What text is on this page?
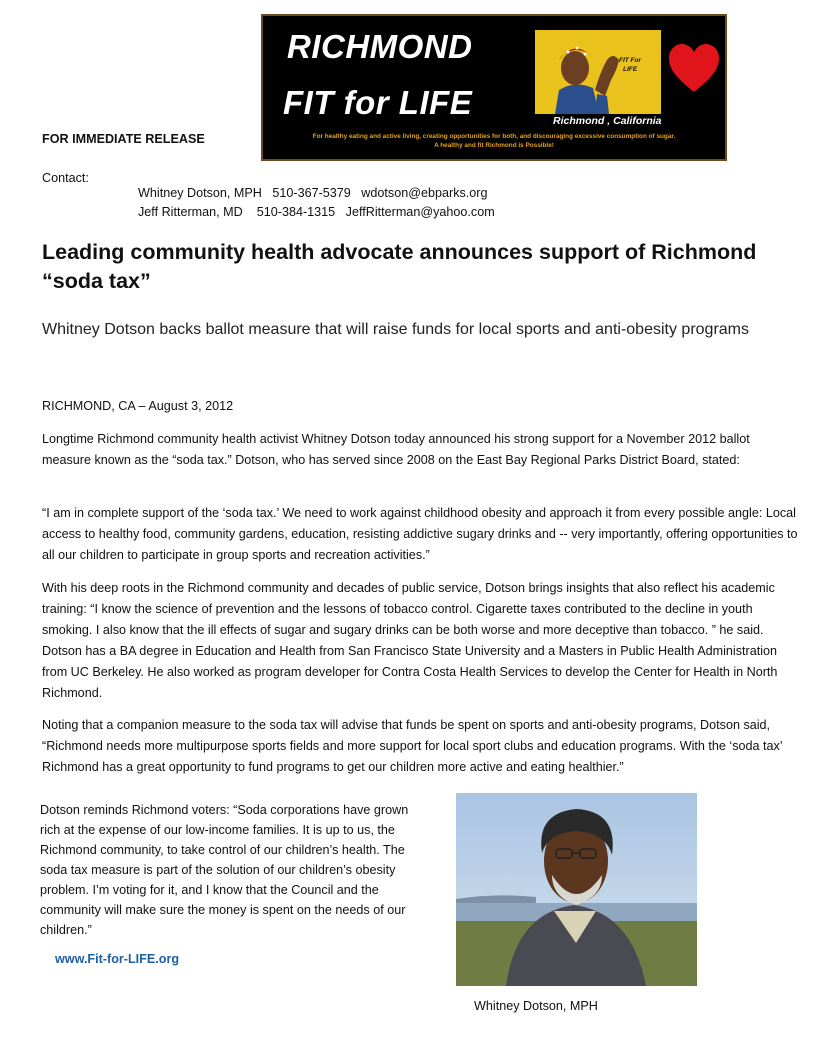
RICHMOND
FIT for LIFE
FIT For
LIFE
Richmond , California
For healthy eating and active living, creating opportunities for both, and discouraging excessive consumption of sugar.
A healthy and fit Richmond is Possible!
FOR IMMEDIATE RELEASE
Contact:
Whitney Dotson, MPH   510-367-5379   wdotson@ebparks.org
Jeff Ritterman, MD    510-384-1315   JeffRitterman@yahoo.com
Leading community health advocate announces support of Richmond “soda tax”
Whitney Dotson backs ballot measure that will raise funds for local sports and anti-obesity programs
RICHMOND, CA – August 3, 2012
Longtime Richmond community health activist Whitney Dotson today announced his strong support for a November 2012 ballot measure known as the “soda tax.” Dotson, who has served since 2008 on the East Bay Regional Parks District Board, stated:
“I am in complete support of the ‘soda tax.’ We need to work against childhood obesity and approach it from every possible angle: Local access to healthy food, community gardens, education, resisting addictive sugary drinks and -- very importantly, offering opportunities to all our children to participate in group sports and recreation activities.”
With his deep roots in the Richmond community and decades of public service, Dotson brings insights that also reflect his academic training: “I know the science of prevention and the lessons of tobacco control. Cigarette taxes contributed to the decline in youth smoking. I also know that the ill effects of sugar and sugary drinks can be both worse and more deceptive than tobacco. ” he said. Dotson has a BA degree in Education and Health from San Francisco State University and a Masters in Public Health Administration from UC Berkeley. He also worked as program developer for Contra Costa Health Services to develop the Center for Health in North Richmond.
Noting that a companion measure to the soda tax will advise that funds be spent on sports and anti-obesity programs, Dotson said, “Richmond needs more multipurpose sports fields and more support for local sport clubs and education programs. With the ‘soda tax’ Richmond has a great opportunity to fund programs to get our children more active and eating healthier.”
Dotson reminds Richmond voters: “Soda corporations have grown rich at the expense of our low-income families. It is up to us, the Richmond community, to take control of our children’s health. The soda tax measure is part of the solution of our children’s obesity problem. I’m voting for it, and I know that the Council and the community will make sure the money is spent on the needs of our children.”
www.Fit-for-LIFE.org
Whitney Dotson, MPH
